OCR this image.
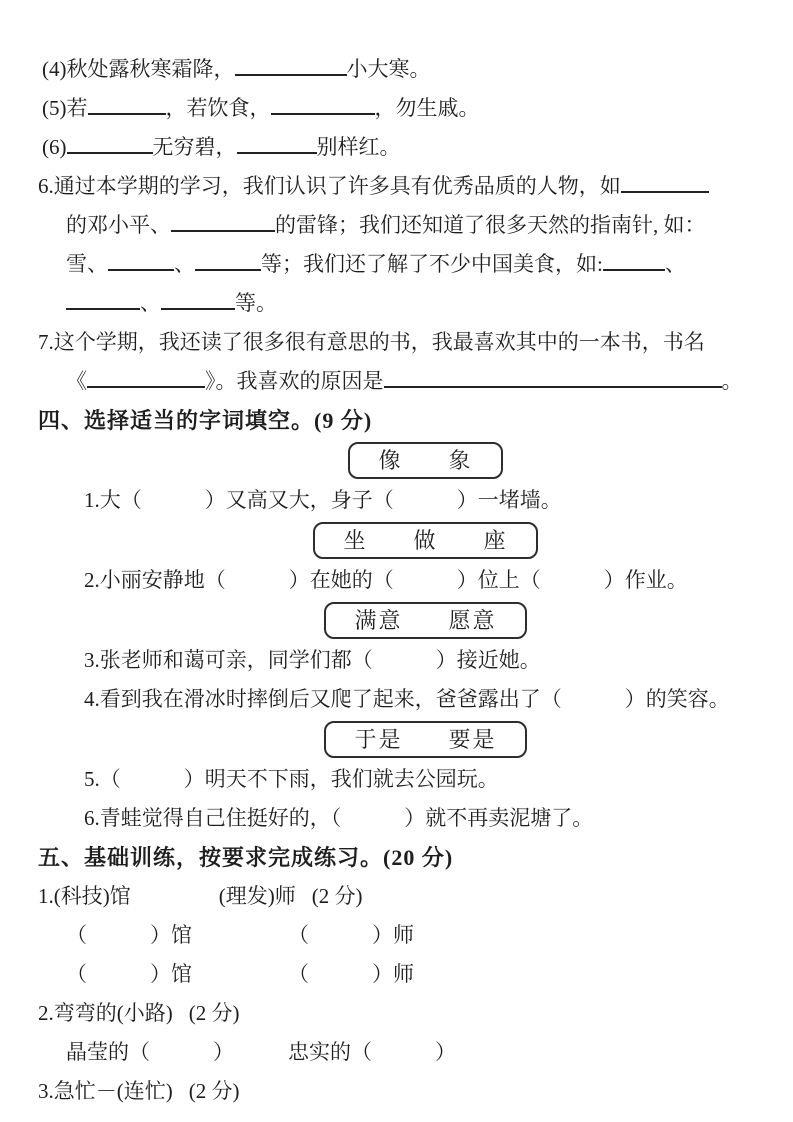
(4)秋处露秋寒霜降，	小大寒。
(5)若	，若饮食，	，勿生戚。
(6)	无穷碧，	别样红。
6.通过本学期的学习，我们认识了许多具有优秀品质的人物，如
的邓小平、	的雷锋；我们还知道了很多天然的指南针, 如：
雪、	、	等；我们还了解了不少中国美食，如:	、
、	等。
7.这个学期，我还读了很多很有意思的书，我最喜欢其中的一本书，书名
《	》。我喜欢的原因是	。
四、选择适当的字词填空。(9 分)
像 象
1.大（　　　）又高又大，身子（　　　）一堵墙。
坐 做 座
2.小丽安静地（　　　）在她的（　　　）位上（　　　）作业。
满意 愿意
3.张老师和蔼可亲，同学们都（　　　）接近她。
4.看到我在滑冰时摔倒后又爬了起来，爸爸露出了（　　　）的笑容。
于是 要是
5.（　　　）明天不下雨，我们就去公园玩。
6.青蛙觉得自己住挺好的，（　　　）就不再卖泥塘了。
五、基础训练，按要求完成练习。(20 分)
1.(科技)馆	(理发)师 (2 分)
（　　　）馆	（　　　）师
（　　　）馆	（　　　）师
2.弯弯的(小路) (2 分)
晶莹的（　　　）	忠实的（　　　）
3.急忙－(连忙) (2 分)
